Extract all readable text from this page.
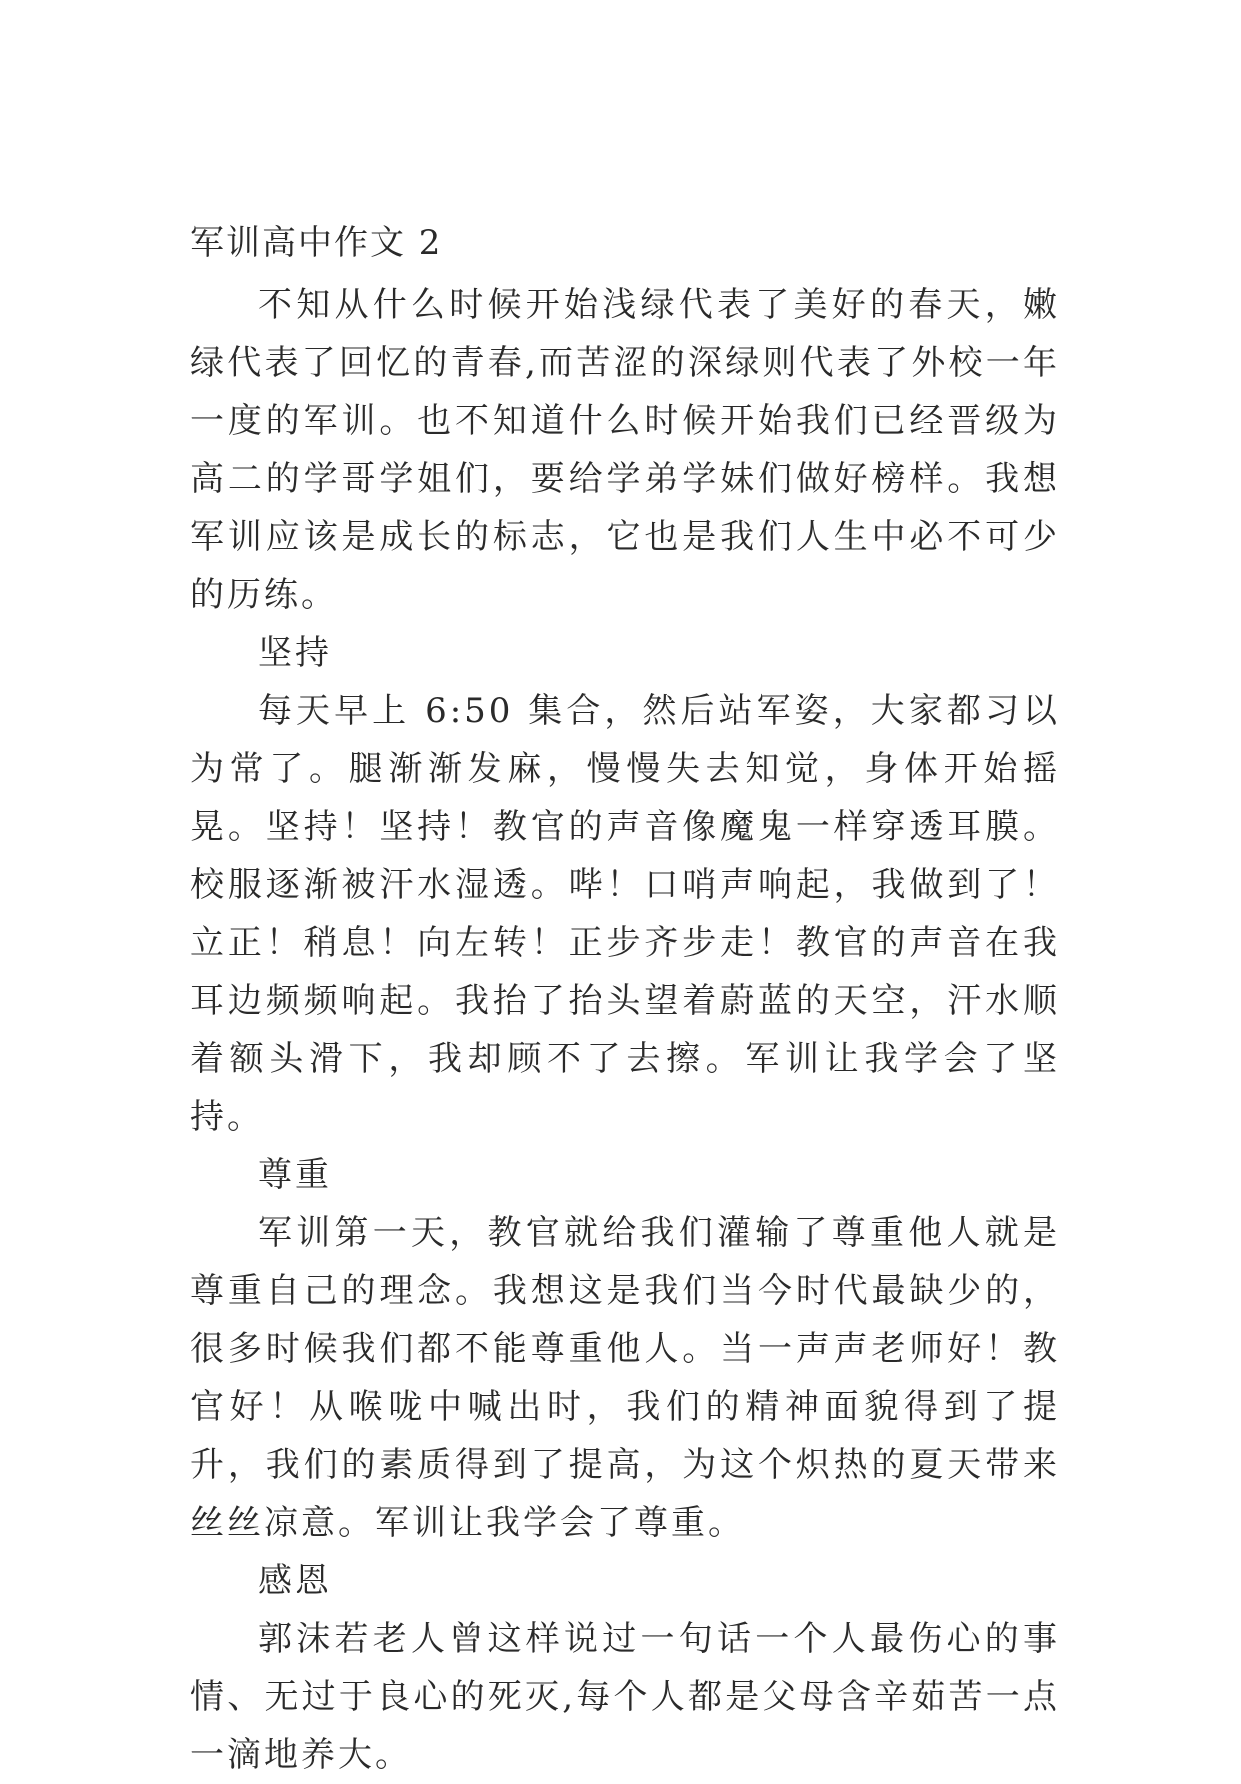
军训高中作文 2

不知从什么时候开始浅绿代表了美好的春天，嫩绿代表了回忆的青春,而苦涩的深绿则代表了外校一年一度的军训。也不知道什么时候开始我们已经晋级为高二的学哥学姐们，要给学弟学妹们做好榜样。我想军训应该是成长的标志，它也是我们人生中必不可少的历练。

坚持

每天早上 6:50 集合，然后站军姿，大家都习以为常了。腿渐渐发麻，慢慢失去知觉，身体开始摇晃。坚持！坚持！教官的声音像魔鬼一样穿透耳膜。校服逐渐被汗水湿透。哔！口哨声响起，我做到了！立正！稍息！向左转！正步齐步走！教官的声音在我耳边频频响起。我抬了抬头望着蔚蓝的天空，汗水顺着额头滑下，我却顾不了去擦。军训让我学会了坚持。

尊重

军训第一天，教官就给我们灌输了尊重他人就是尊重自己的理念。我想这是我们当今时代最缺少的，很多时候我们都不能尊重他人。当一声声老师好！教官好！从喉咙中喊出时，我们的精神面貌得到了提升，我们的素质得到了提高，为这个炽热的夏天带来丝丝凉意。军训让我学会了尊重。

感恩

郭沫若老人曾这样说过一句话一个人最伤心的事情、无过于良心的死灭,每个人都是父母含辛茹苦一点一滴地养大。
